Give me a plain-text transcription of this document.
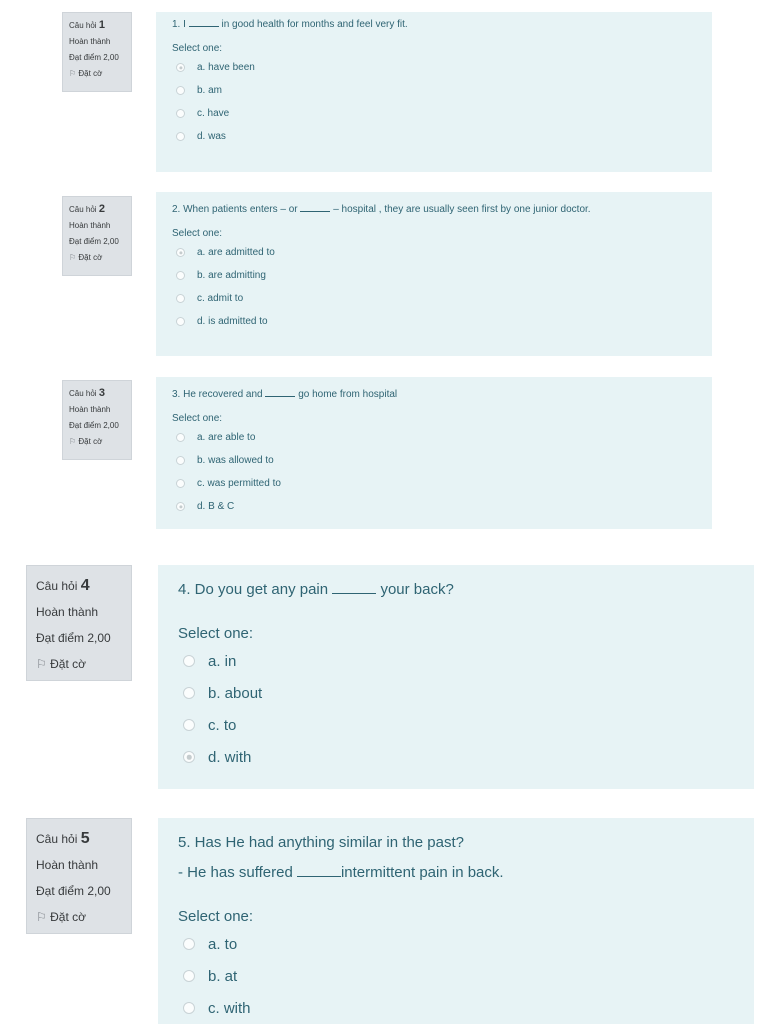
Câu hỏi 1
Hoàn thành
Đạt điểm 2,00
⚐ Đặt cờ
1. I	in good health for months and feel very fit.
Select one:
a. have been
b. am
c. have
d. was
Câu hỏi 2
Hoàn thành
Đạt điểm 2,00
⚐ Đặt cờ
2. When patients enters – or	– hospital , they are usually seen first by one junior doctor.
Select one:
a. are admitted to
b. are admitting
c. admit to
d. is admitted to
Câu hỏi 3
Hoàn thành
Đạt điểm 2,00
⚐ Đặt cờ
3. He recovered and	go home from hospital
Select one:
a. are able to
b. was allowed to
c. was permitted to
d. B & C
Câu hỏi 4
Hoàn thành
Đạt điểm 2,00
⚐ Đặt cờ
4. Do you get any pain	your back?
Select one:
a. in
b. about
c. to
d. with
Câu hỏi 5
Hoàn thành
Đạt điểm 2,00
⚐ Đặt cờ
5. Has He had anything similar in the past?
- He has suffered	intermittent pain in back.
Select one:
a. to
b. at
c. with
